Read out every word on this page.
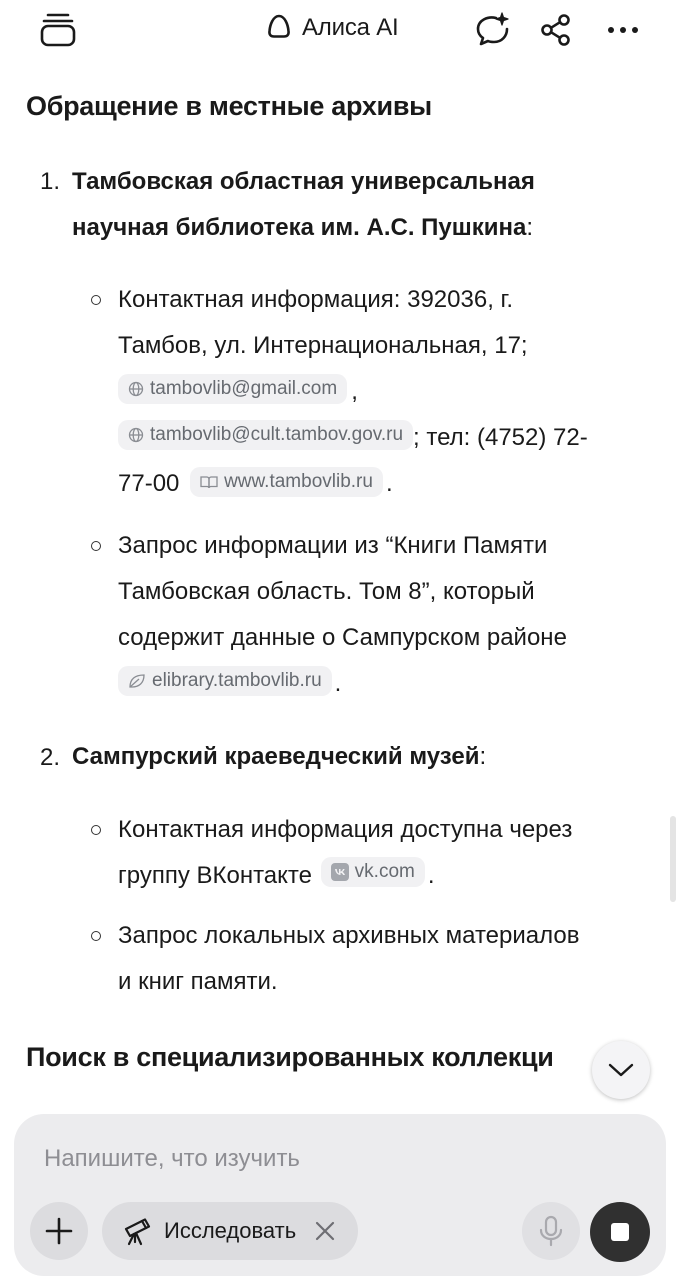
Алиса AI
Обращение в местные архивы
1. Тамбовская областная универсальная
научная библиотека им. А.С. Пушкина:
Контактная информация: 392036, г.
Тамбов, ул. Интернациональная, 17;
tambovlib@gmail.com ,
tambovlib@cult.tambov.gov.ru ; тел: (4752) 72-
77-00 www.tambovlib.ru .
Запрос информации из “Книги Памяти
Тамбовская область. Том 8”, который
содержит данные о Сампурском районе
elibrary.tambovlib.ru .
2. Сампурский краеведческий музей:
Контактная информация доступна через
группу ВКонтакте vk.com .
Запрос локальных архивных материалов
и книг памяти.
Поиск в специализированных коллекци
Напишите, что изучить
Исследовать
